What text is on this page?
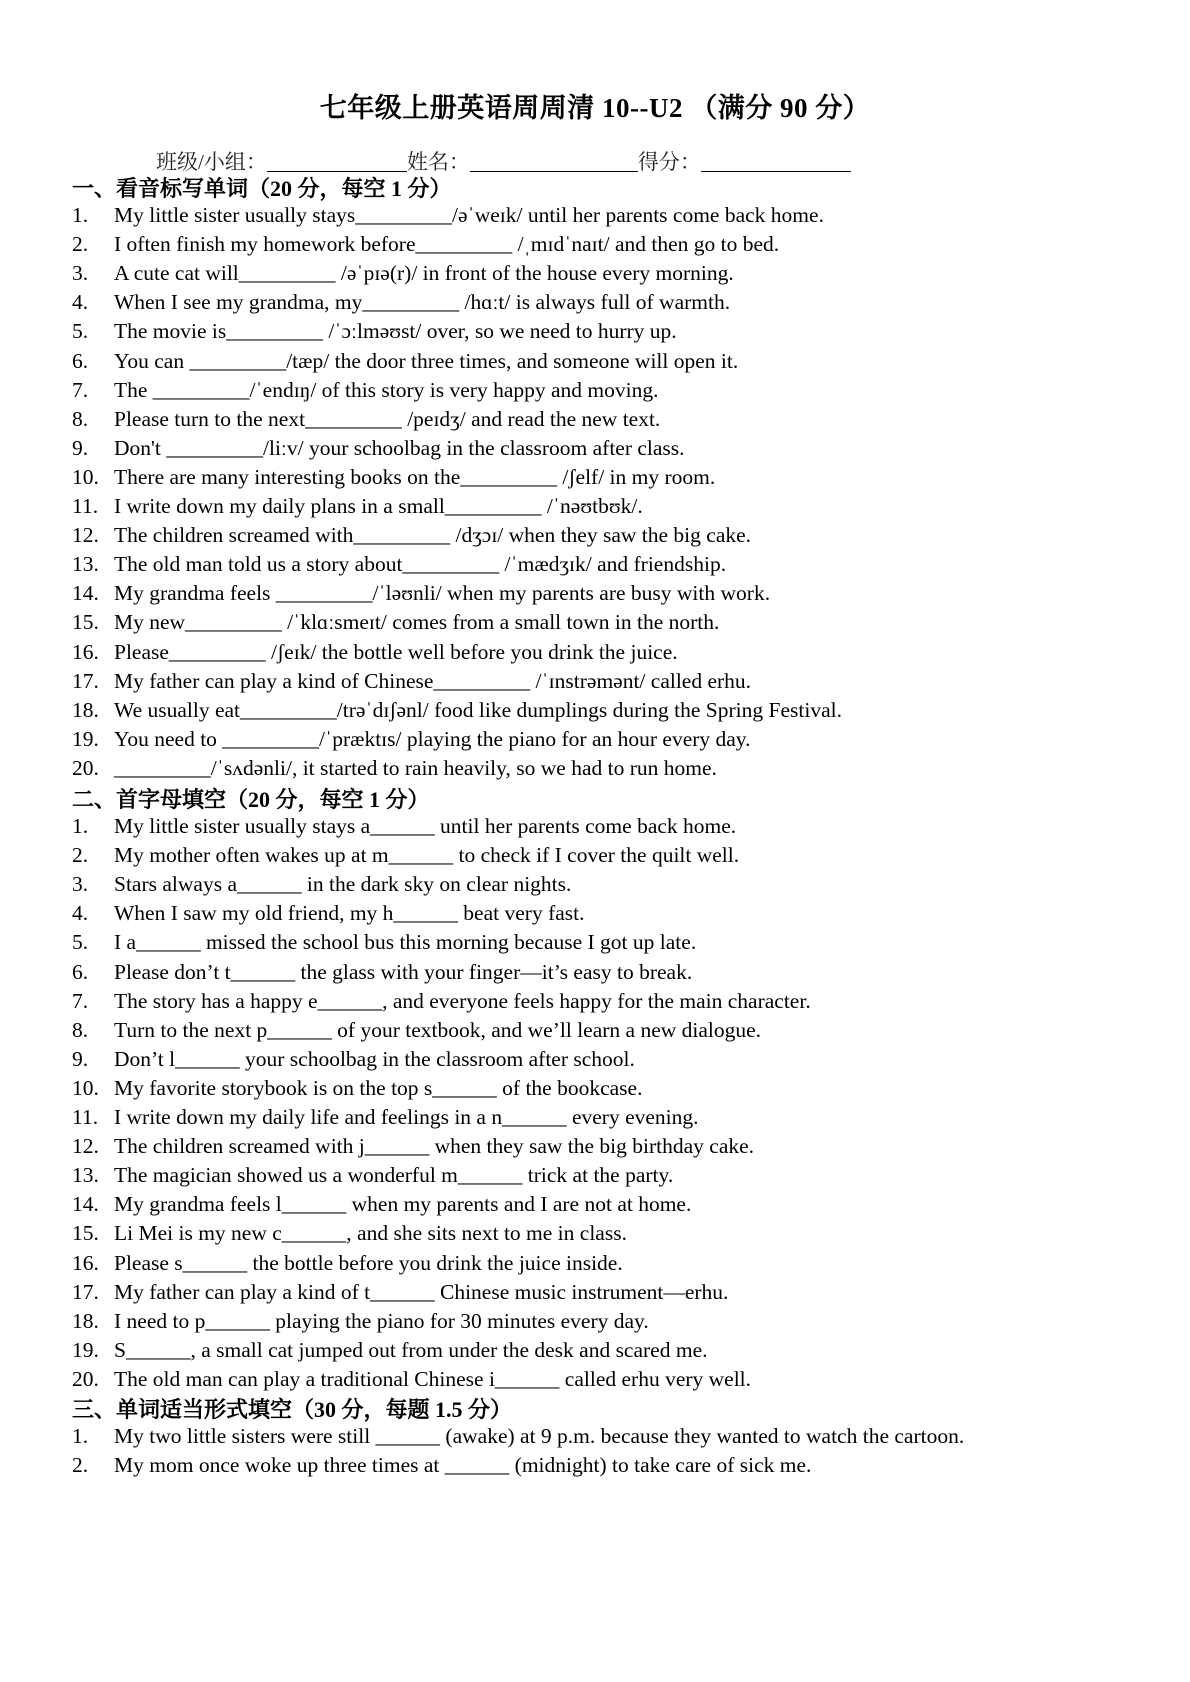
七年级上册英语周周清 10--U2 （满分 90 分）
班级/小组：	姓名：	得分：
一、看音标写单词（20 分，每空 1 分）
1. My little sister usually stays_________/əˈweɪk/ until her parents come back home.
2. I often finish my homework before_________ /ˌmɪdˈnaɪt/ and then go to bed.
3. A cute cat will_________ /əˈpɪə(r)/ in front of the house every morning.
4. When I see my grandma, my_________ /hɑːt/ is always full of warmth.
5. The movie is_________ /ˈɔːlməʊst/ over, so we need to hurry up.
6. You can _________/tæp/ the door three times, and someone will open it.
7. The _________/ˈendɪŋ/ of this story is very happy and moving.
8. Please turn to the next_________ /peɪdʒ/ and read the new text.
9. Don't _________/liːv/ your schoolbag in the classroom after class.
10. There are many interesting books on the_________ /ʃelf/ in my room.
11. I write down my daily plans in a small_________ /ˈnəʊtbʊk/.
12. The children screamed with_________ /dʒɔɪ/ when they saw the big cake.
13. The old man told us a story about_________ /ˈmædʒɪk/ and friendship.
14. My grandma feels _________/ˈləʊnli/ when my parents are busy with work.
15. My new_________ /ˈklɑːsmeɪt/ comes from a small town in the north.
16. Please_________ /ʃeɪk/ the bottle well before you drink the juice.
17. My father can play a kind of Chinese_________ /ˈɪnstrəmənt/ called erhu.
18. We usually eat_________/trəˈdɪʃənl/ food like dumplings during the Spring Festival.
19. You need to _________/ˈpræktɪs/ playing the piano for an hour every day.
20. _________/ˈsʌdənli/, it started to rain heavily, so we had to run home.
二、首字母填空（20 分，每空 1 分）
1. My little sister usually stays a______ until her parents come back home.
2. My mother often wakes up at m______ to check if I cover the quilt well.
3. Stars always a______ in the dark sky on clear nights.
4. When I saw my old friend, my h______ beat very fast.
5. I a______ missed the school bus this morning because I got up late.
6. Please don’t t______ the glass with your finger—it’s easy to break.
7. The story has a happy e______, and everyone feels happy for the main character.
8. Turn to the next p______ of your textbook, and we’ll learn a new dialogue.
9. Don’t l______ your schoolbag in the classroom after school.
10. My favorite storybook is on the top s______ of the bookcase.
11. I write down my daily life and feelings in a n______ every evening.
12. The children screamed with j______ when they saw the big birthday cake.
13. The magician showed us a wonderful m______ trick at the party.
14. My grandma feels l______ when my parents and I are not at home.
15. Li Mei is my new c______, and she sits next to me in class.
16. Please s______ the bottle before you drink the juice inside.
17. My father can play a kind of t______ Chinese music instrument—erhu.
18. I need to p______ playing the piano for 30 minutes every day.
19. S______, a small cat jumped out from under the desk and scared me.
20. The old man can play a traditional Chinese i______ called erhu very well.
三、单词适当形式填空（30 分，每题 1.5 分）
1. My two little sisters were still ______ (awake) at 9 p.m. because they wanted to watch the cartoon.
2. My mom once woke up three times at ______ (midnight) to take care of sick me.
